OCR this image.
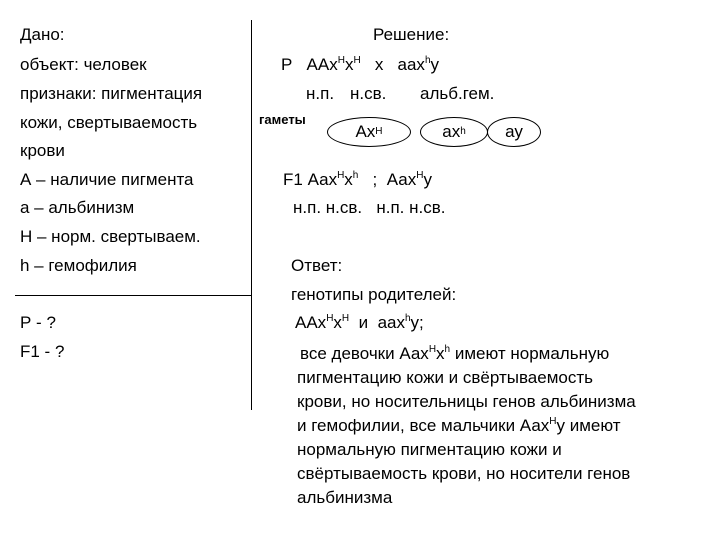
Дано:
объект: человек
признаки: пигментация
кожи, свертываемость
крови
А – наличие пигмента
а – альбинизм
Н – норм. свертываем.
h – гемофилия
Р - ?
F1 - ?
Решение:
Р $ААх^Нх^Н$ х аах$^h$у
н.п. н.св. альб.гем.
гаметы
Ах Н	ах h ау
F1 $Аах^Нх^h$ ; Аах$^Н$у
н.п. н.св. н.п. н.св.
Ответ:
генотипы родителей:
$ААх^Нх^Н$ и аах$^h$у;
все девочки $Аах^Нх^h$ имеют нормальную
пигментацию кожи и свёртываемость
крови, но носительницы генов альбинизма
и гемофилии, все мальчики Аах$^Н$у имеют
нормальную пигментацию кожи и
свёртываемость крови, но носители генов
альбинизма
